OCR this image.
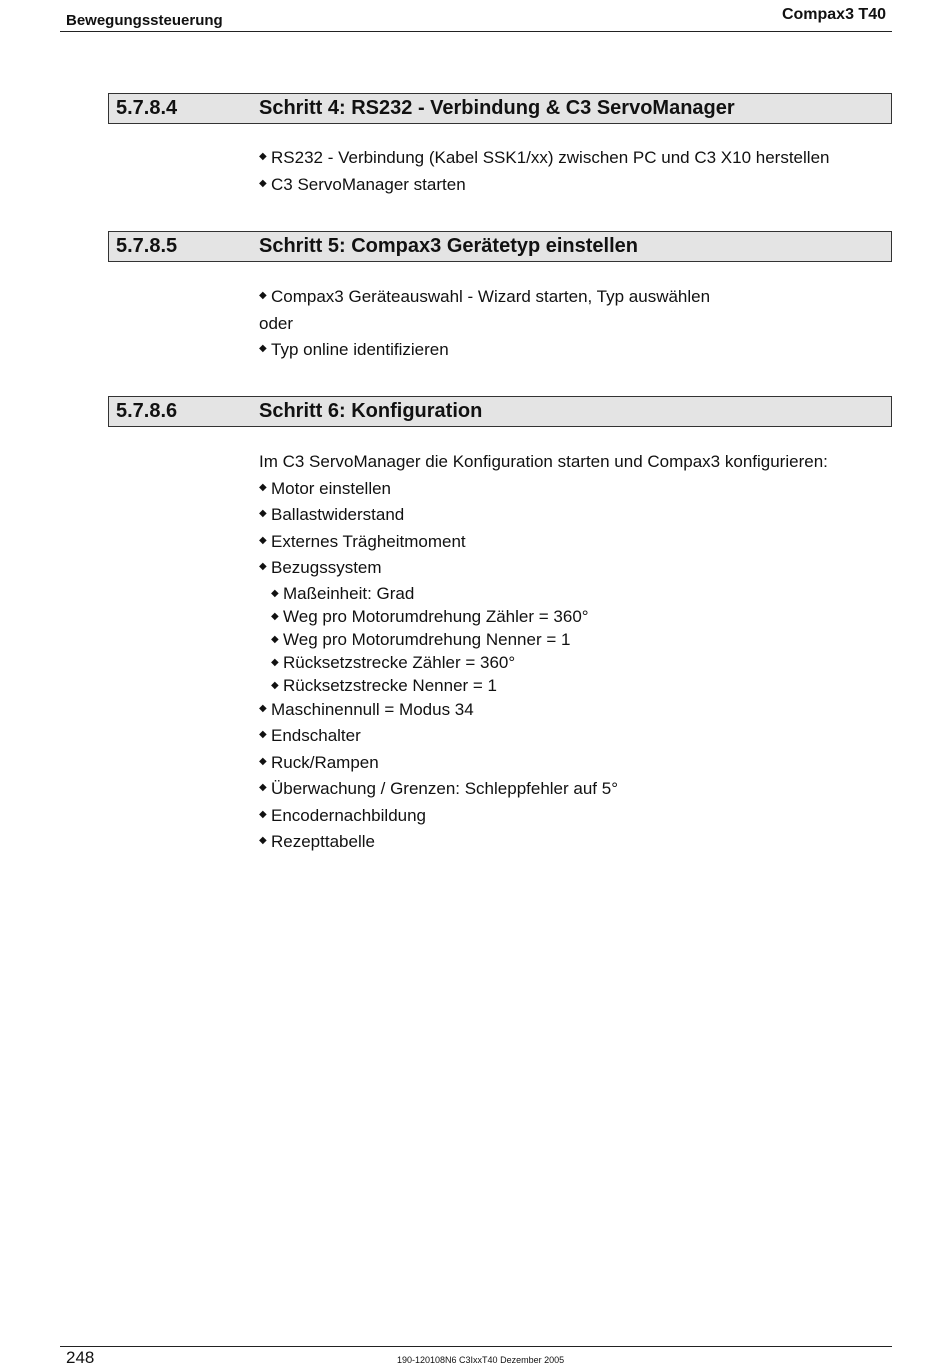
Bewegungssteuerung	Compax3 T40
5.7.8.4	Schritt 4: RS232 - Verbindung & C3 ServoManager
◆ RS232 - Verbindung (Kabel SSK1/xx) zwischen PC und C3 X10 herstellen
◆ C3 ServoManager starten
5.7.8.5	Schritt 5: Compax3 Gerätetyp einstellen
◆ Compax3 Geräteauswahl - Wizard starten, Typ auswählen
oder
◆ Typ online identifizieren
5.7.8.6	Schritt 6: Konfiguration
Im C3 ServoManager die Konfiguration starten und Compax3 konfigurieren:
◆ Motor einstellen
◆ Ballastwiderstand
◆ Externes Trägheitmoment
◆ Bezugssystem
◆ Maßeinheit: Grad
◆ Weg pro Motorumdrehung Zähler = 360°
◆ Weg pro Motorumdrehung Nenner = 1
◆ Rücksetzstrecke Zähler = 360°
◆ Rücksetzstrecke Nenner = 1
◆ Maschinennull = Modus 34
◆ Endschalter
◆ Ruck/Rampen
◆ Überwachung / Grenzen: Schleppfehler auf 5°
◆ Encodernachbildung
◆ Rezepttabelle
248	190-120108N6 C3IxxT40 Dezember 2005
